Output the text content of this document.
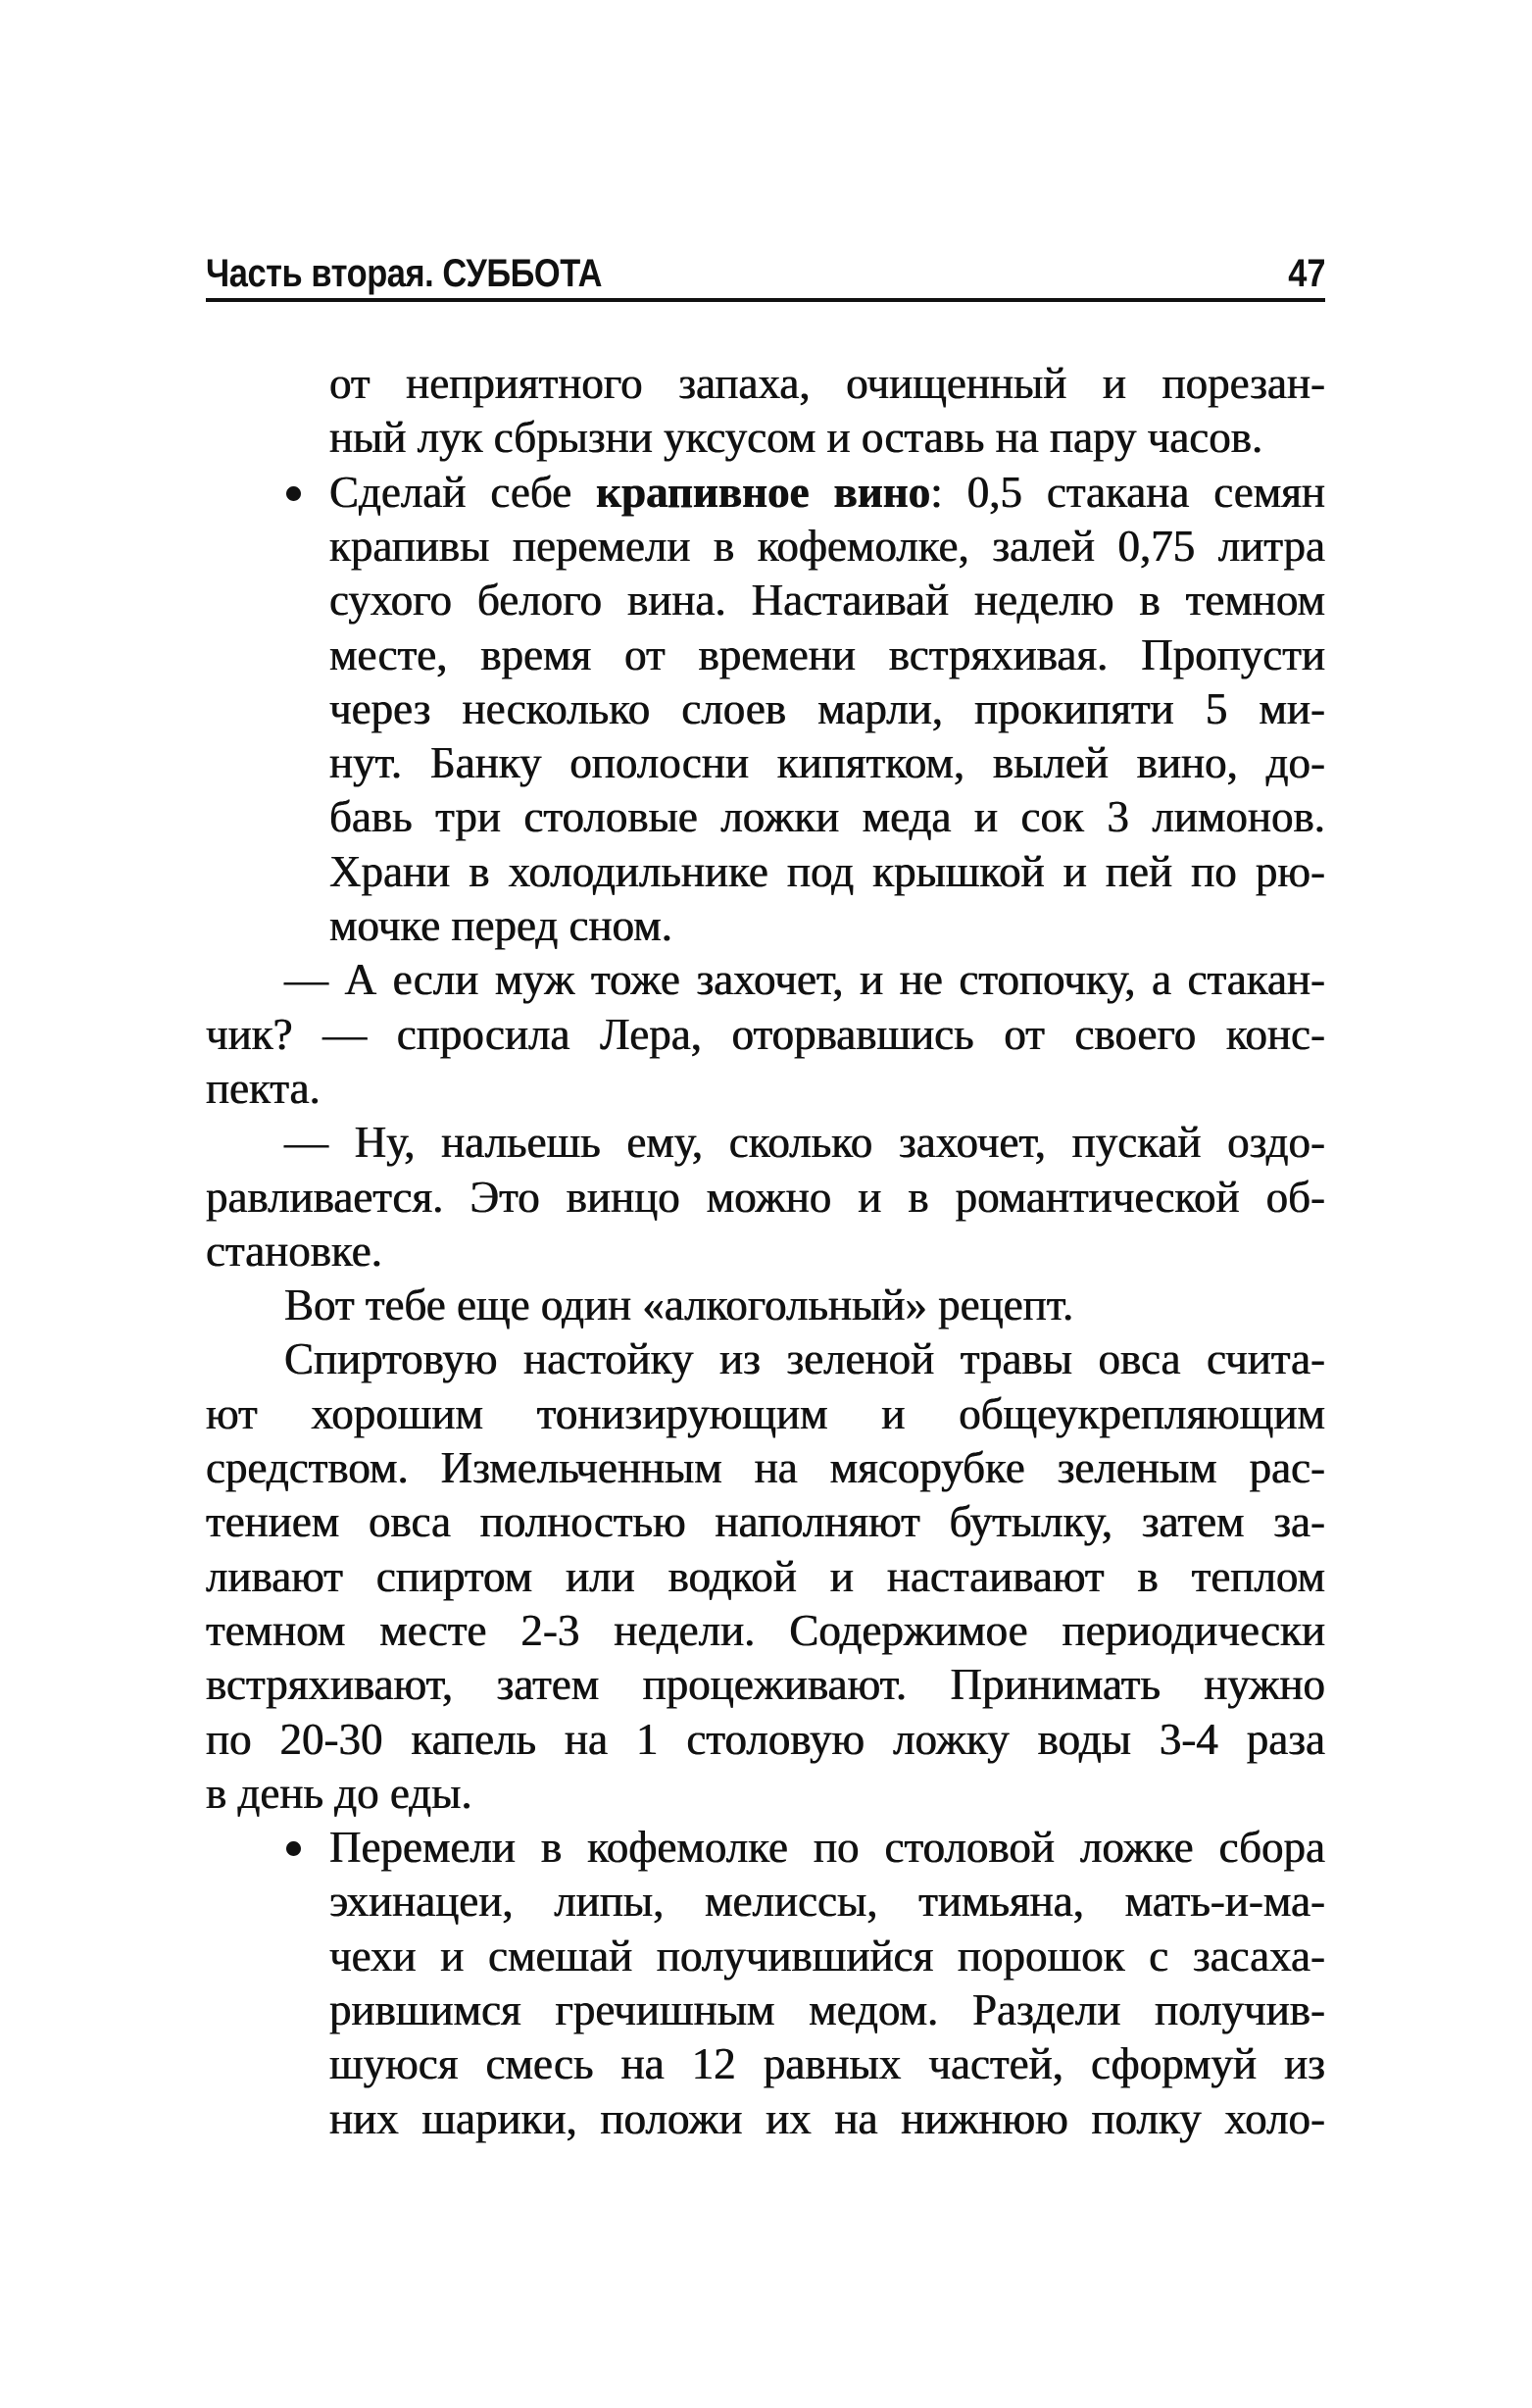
Часть вторая. СУББОТА	47
от неприятного запаха, очищенный и порезан-
ный лук сбрызни уксусом и оставь на пару часов.
Сделай себе крапивное вино: 0,5 стакана семян
крапивы перемели в кофемолке, залей 0,75 литра
сухого белого вина. Настаивай неделю в темном
месте, время от времени встряхивая. Пропусти
через несколько слоев марли, прокипяти 5 ми-
нут. Банку ополосни кипятком, вылей вино, до-
бавь три столовые ложки меда и сок 3 лимонов.
Храни в холодильнике под крышкой и пей по рю-
мочке перед сном.
— А если муж тоже захочет, и не стопочку, а стакан-
чик? — спросила Лера, оторвавшись от своего конс-
пекта.
— Ну, нальешь ему, сколько захочет, пускай оздо-
равливается. Это винцо можно и в романтической об-
становке.
Вот тебе еще один «алкогольный» рецепт.
Спиртовую настойку из зеленой травы овса счита-
ют хорошим тонизирующим и общеукрепляющим
средством. Измельченным на мясорубке зеленым рас-
тением овса полностью наполняют бутылку, затем за-
ливают спиртом или водкой и настаивают в теплом
темном месте 2-3 недели. Содержимое периодически
встряхивают, затем процеживают. Принимать нужно
по 20-30 капель на 1 столовую ложку воды 3-4 раза
в день до еды.
Перемели в кофемолке по столовой ложке сбора
эхинацеи, липы, мелиссы, тимьяна, мать-и-ма-
чехи и смешай получившийся порошок с засаха-
рившимся гречишным медом. Раздели получив-
шуюся смесь на 12 равных частей, сформуй из
них шарики, положи их на нижнюю полку холо-
